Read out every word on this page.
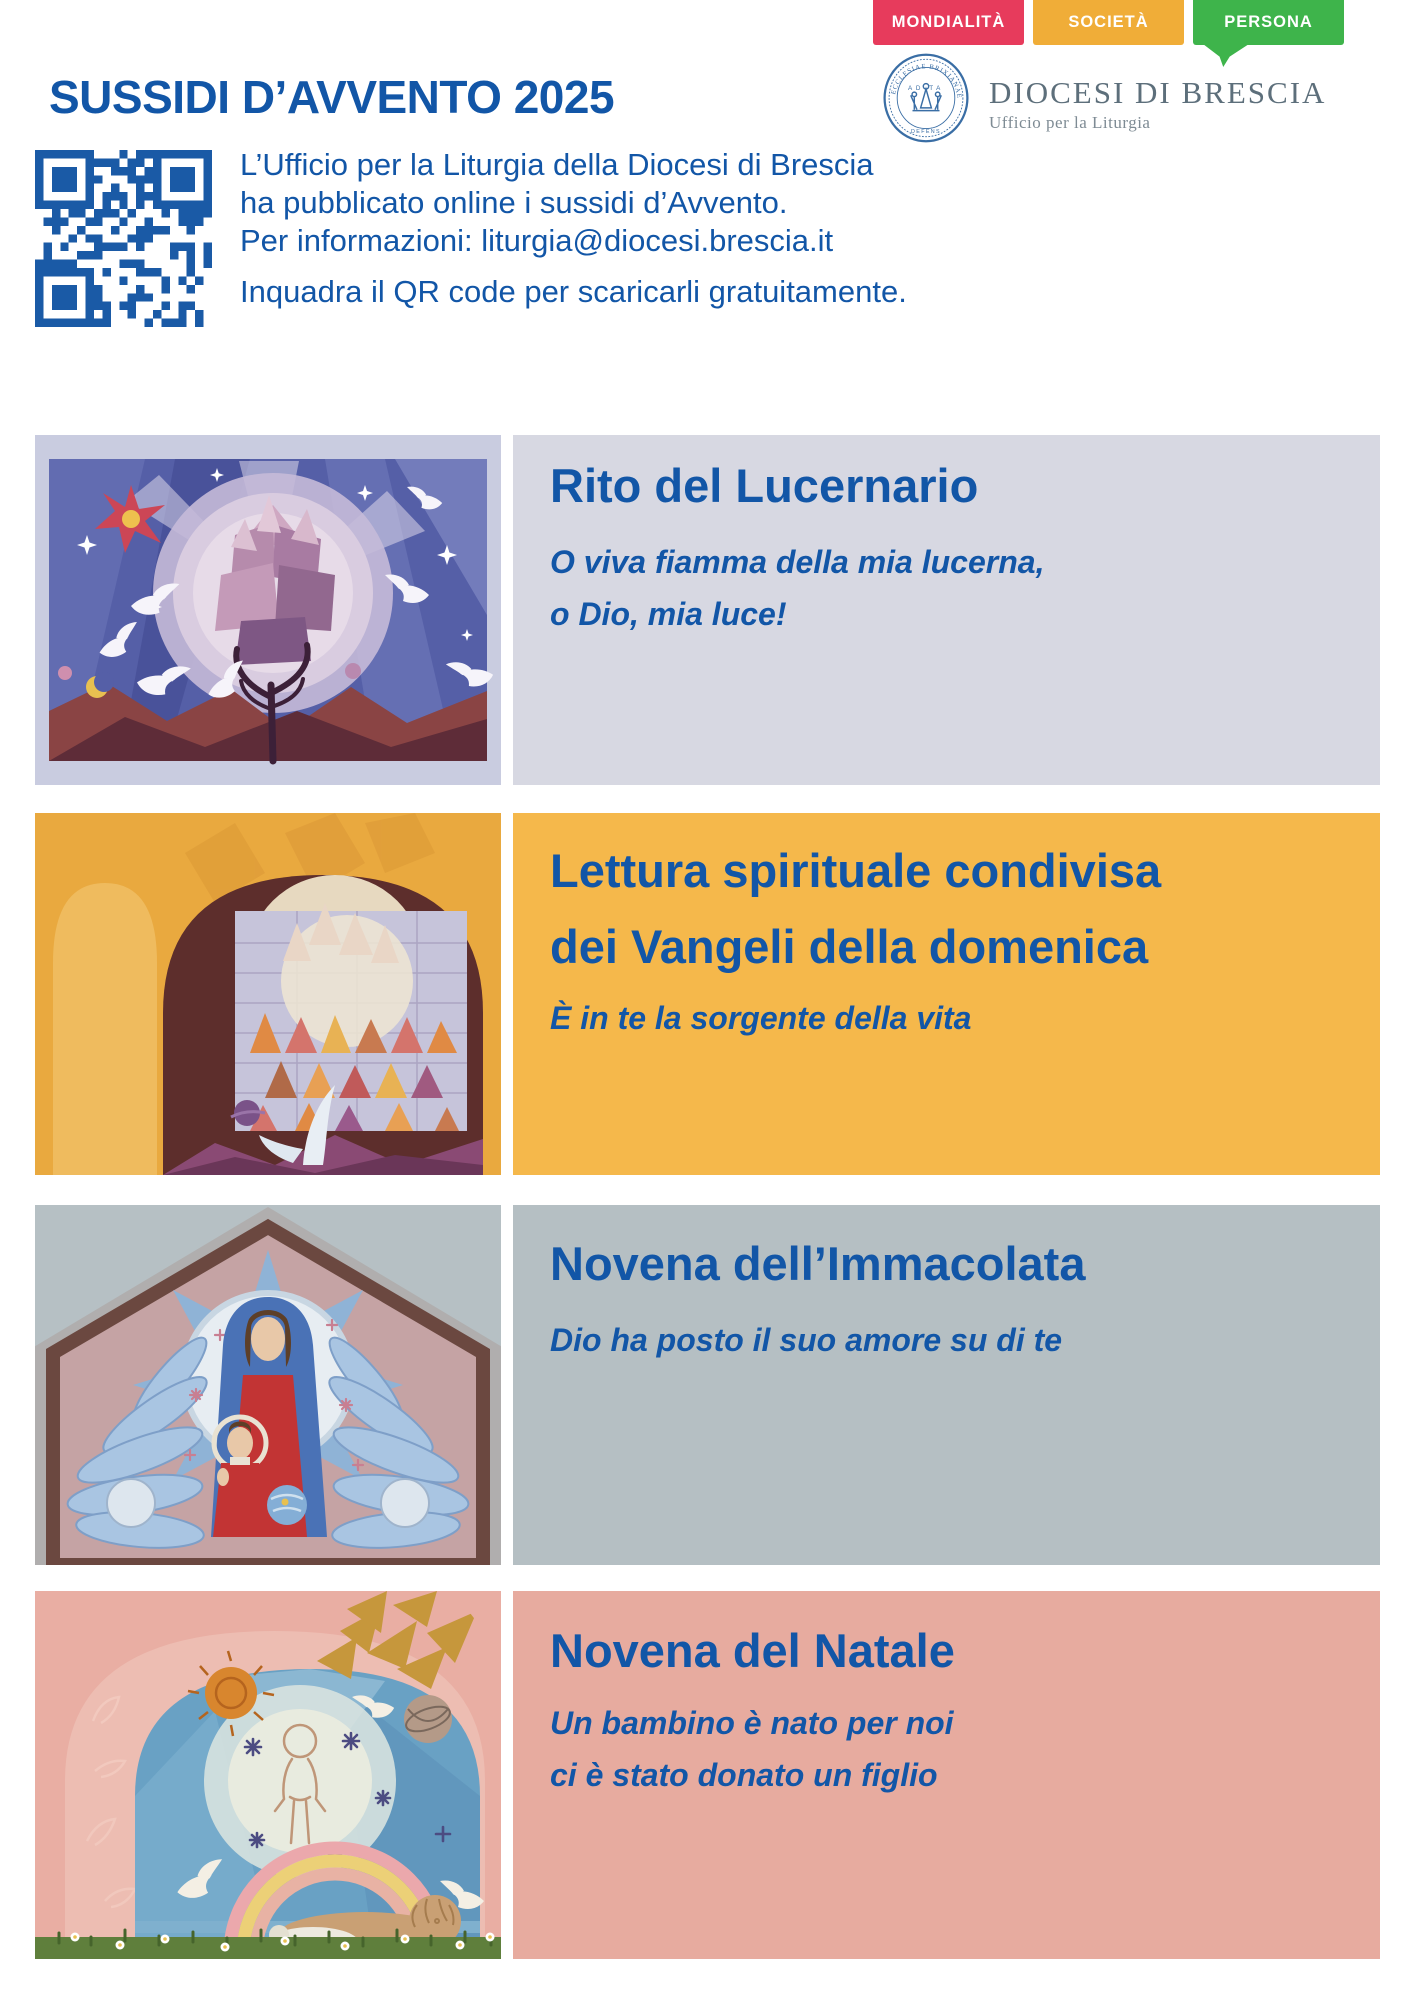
MONDIALITÀ	SOCIETÀ	PERSONA
SUSSIDI D’AVVENTO 2025	ECCLESIAE BRIXIANAE
AD TA
DEFENS
DIOCESI DI BRESCIA
Ufficio per la Liturgia

L’Ufficio per la Liturgia della Diocesi di Brescia

ha pubblicato online i sussidi d’Avvento.

Per informazioni: liturgia@diocesi.brescia.it

Inquadra il QR code per scaricarli gratuitamente.

Rito del Lucernario

O viva fiamma della mia lucerna,
o Dio, mia luce!

Lettura spirituale condivisa
dei Vangeli della domenica

È in te la sorgente della vita

Novena dell’Immacolata

Dio ha posto il suo amore su di te

Novena del Natale

Un bambino è nato per noi
ci è stato donato un figlio
